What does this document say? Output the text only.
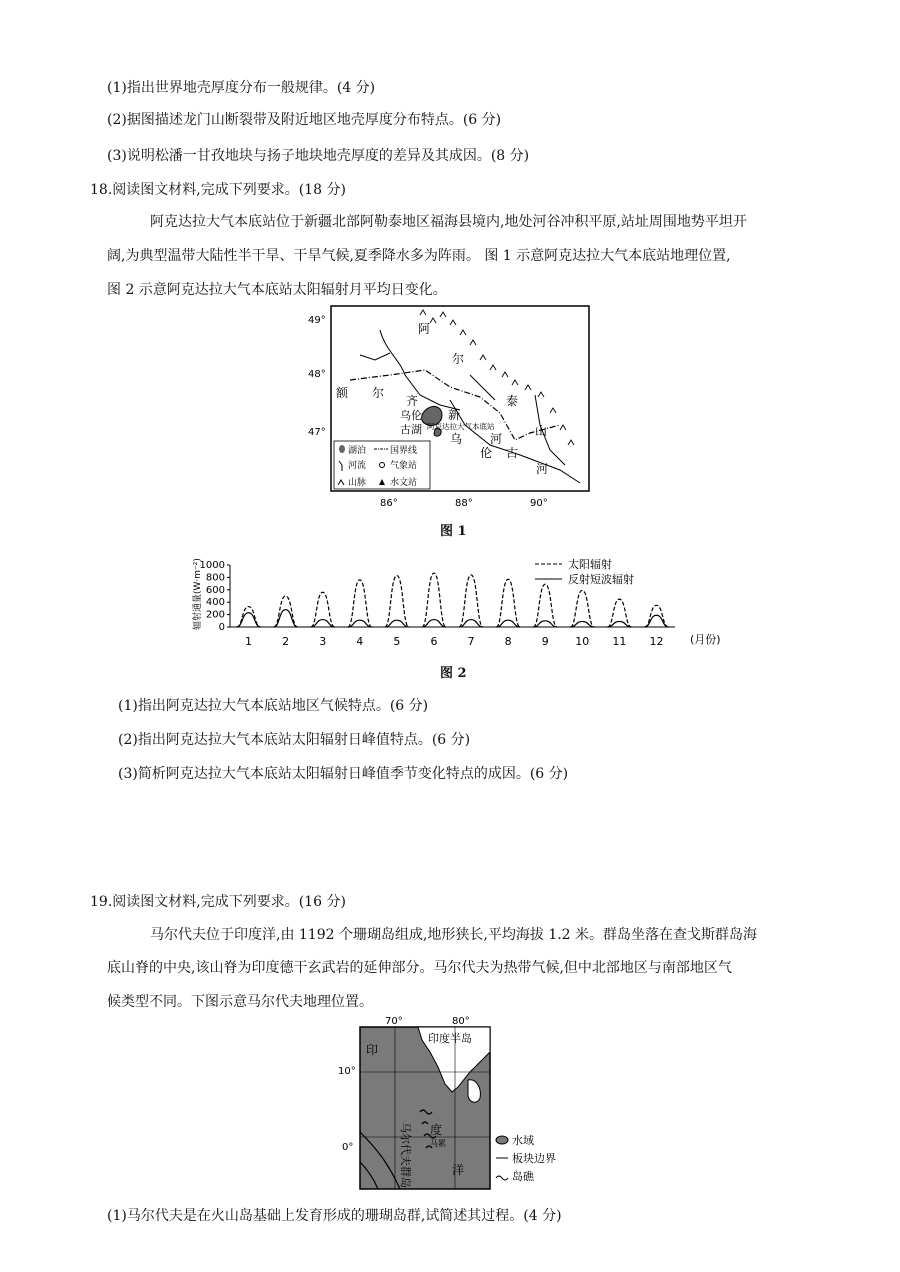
(1)指出世界地壳厚度分布一般规律。(4 分)
(2)据图描述龙门山断裂带及附近地区地壳厚度分布特点。(6 分)
(3)说明松潘一甘孜地块与扬子地块地壳厚度的差异及其成因。(8 分)
18.阅读图文材料,完成下列要求。(18 分)
阿克达拉大气本底站位于新疆北部阿勒泰地区福海县境内,地处河谷冲积平原,站址周围地势平坦开
阔,为典型温带大陆性半干旱、干旱气候,夏季降水多为阵雨。 图 1 示意阿克达拉大气本底站地理位置,
图 2 示意阿克达拉大气本底站太阳辐射月平均日变化。
49°
48°
47°
阿
尔
泰
山
额 尔
齐
乌伦
古湖
新
阿克达拉大气本底站
乌 河
伦 古
河
湖泊	国界线
河流	气象站
山脉	水文站
86°	88°	90°
图 1
辐射通量(W·m⁻²) 0
200
400
600
800
1000
1	2	3	4	5	6	7	8	9 10 11 12 (月份)
太阳辐射
反射短波辐射
图 2
(1)指出阿克达拉大气本底站地区气候特点。(6 分)
(2)指出阿克达拉大气本底站太阳辐射日峰值特点。(6 分)
(3)简析阿克达拉大气本底站太阳辐射日峰值季节变化特点的成因。(6 分)
19.阅读图文材料,完成下列要求。(16 分)
马尔代夫位于印度洋,由 1192 个珊瑚岛组成,地形狭长,平均海拔 1.2 米。群岛坐落在查戈斯群岛海
底山脊的中央,该山脊为印度德干玄武岩的延伸部分。马尔代夫为热带气候,但中北部地区与南部地区气
候类型不同。下图示意马尔代夫地理位置。
70°	80°
10°
0°
印
印度半岛
马尔代夫群岛 度
马累
洋
水域
板块边界
岛礁
(1)马尔代夫是在火山岛基础上发育形成的珊瑚岛群,试简述其过程。(4 分)
